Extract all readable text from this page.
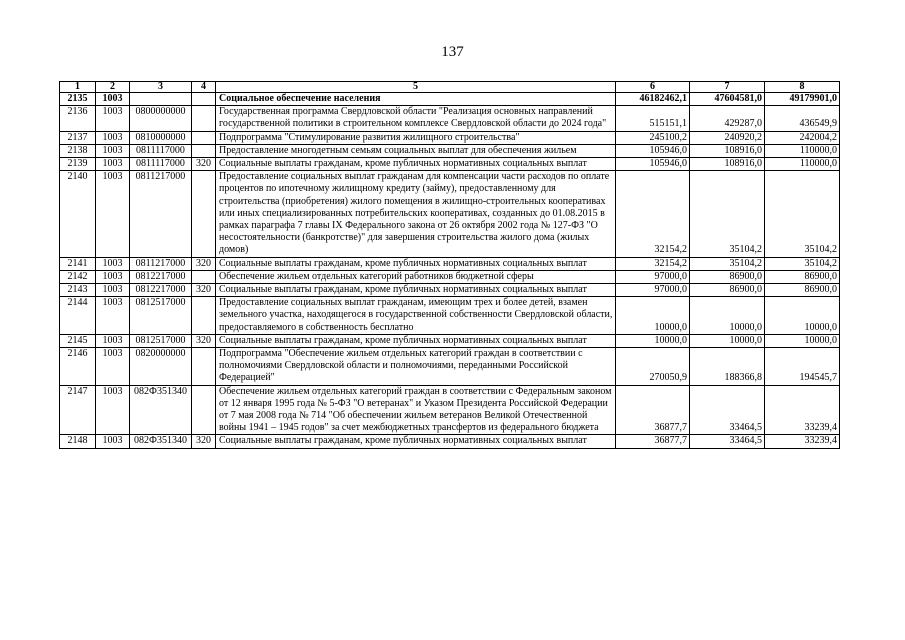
137
1	2	3	4	5	6	7	8
2135	1003			Социальное обеспечение населения	46182462,1	47604581,0	49179901,0
2136	1003	0800000000		Государственная программа Свердловской области "Реализация основных направлений государственной политики в строительном комплексе Свердловской области до 2024 года"	515151,1	429287,0	436549,9
2137	1003	0810000000		Подпрограмма "Стимулирование развития жилищного строительства"	245100,2	240920,2	242004,2
2138	1003	0811117000		Предоставление многодетным семьям социальных выплат для обеспечения жильем	105946,0	108916,0	110000,0
2139	1003	0811117000	320	Социальные выплаты гражданам, кроме публичных нормативных социальных выплат	105946,0	108916,0	110000,0
2140	1003	0811217000		Предоставление социальных выплат гражданам для компенсации части расходов по оплате процентов по ипотечному жилищному кредиту (займу), предоставленному для строительства (приобретения) жилого помещения в жилищно-строительных кооперативах или иных специализированных потребительских кооперативах, созданных до 01.08.2015 в рамках параграфа 7 главы IX Федерального закона от 26 октября 2002 года № 127-ФЗ "О несостоятельности (банкротстве)" для завершения строительства жилого дома (жилых домов)	32154,2	35104,2	35104,2
2141	1003	0811217000	320	Социальные выплаты гражданам, кроме публичных нормативных социальных выплат	32154,2	35104,2	35104,2
2142	1003	0812217000		Обеспечение жильем отдельных категорий работников бюджетной сферы	97000,0	86900,0	86900,0
2143	1003	0812217000	320	Социальные выплаты гражданам, кроме публичных нормативных социальных выплат	97000,0	86900,0	86900,0
2144	1003	0812517000		Предоставление социальных выплат гражданам, имеющим трех и более детей, взамен земельного участка, находящегося в государственной собственности Свердловской области, предоставляемого в собственность бесплатно	10000,0	10000,0	10000,0
2145	1003	0812517000	320	Социальные выплаты гражданам, кроме публичных нормативных социальных выплат	10000,0	10000,0	10000,0
2146	1003	0820000000		Подпрограмма "Обеспечение жильем отдельных категорий граждан в соответствии с полномочиями Свердловской области и полномочиями, переданными Российской Федерацией"	270050,9	188366,8	194545,7
2147	1003	082Ф351340		Обеспечение жильем отдельных категорий граждан в соответствии с Федеральным законом от 12 января 1995 года № 5-ФЗ "О ветеранах" и Указом Президента Российской Федерации от 7 мая 2008 года № 714 "Об обеспечении жильем ветеранов Великой Отечественной войны 1941 – 1945 годов" за счет межбюджетных трансфертов из федерального бюджета	36877,7	33464,5	33239,4
2148	1003	082Ф351340	320	Социальные выплаты гражданам, кроме публичных нормативных социальных выплат	36877,7	33464,5	33239,4
